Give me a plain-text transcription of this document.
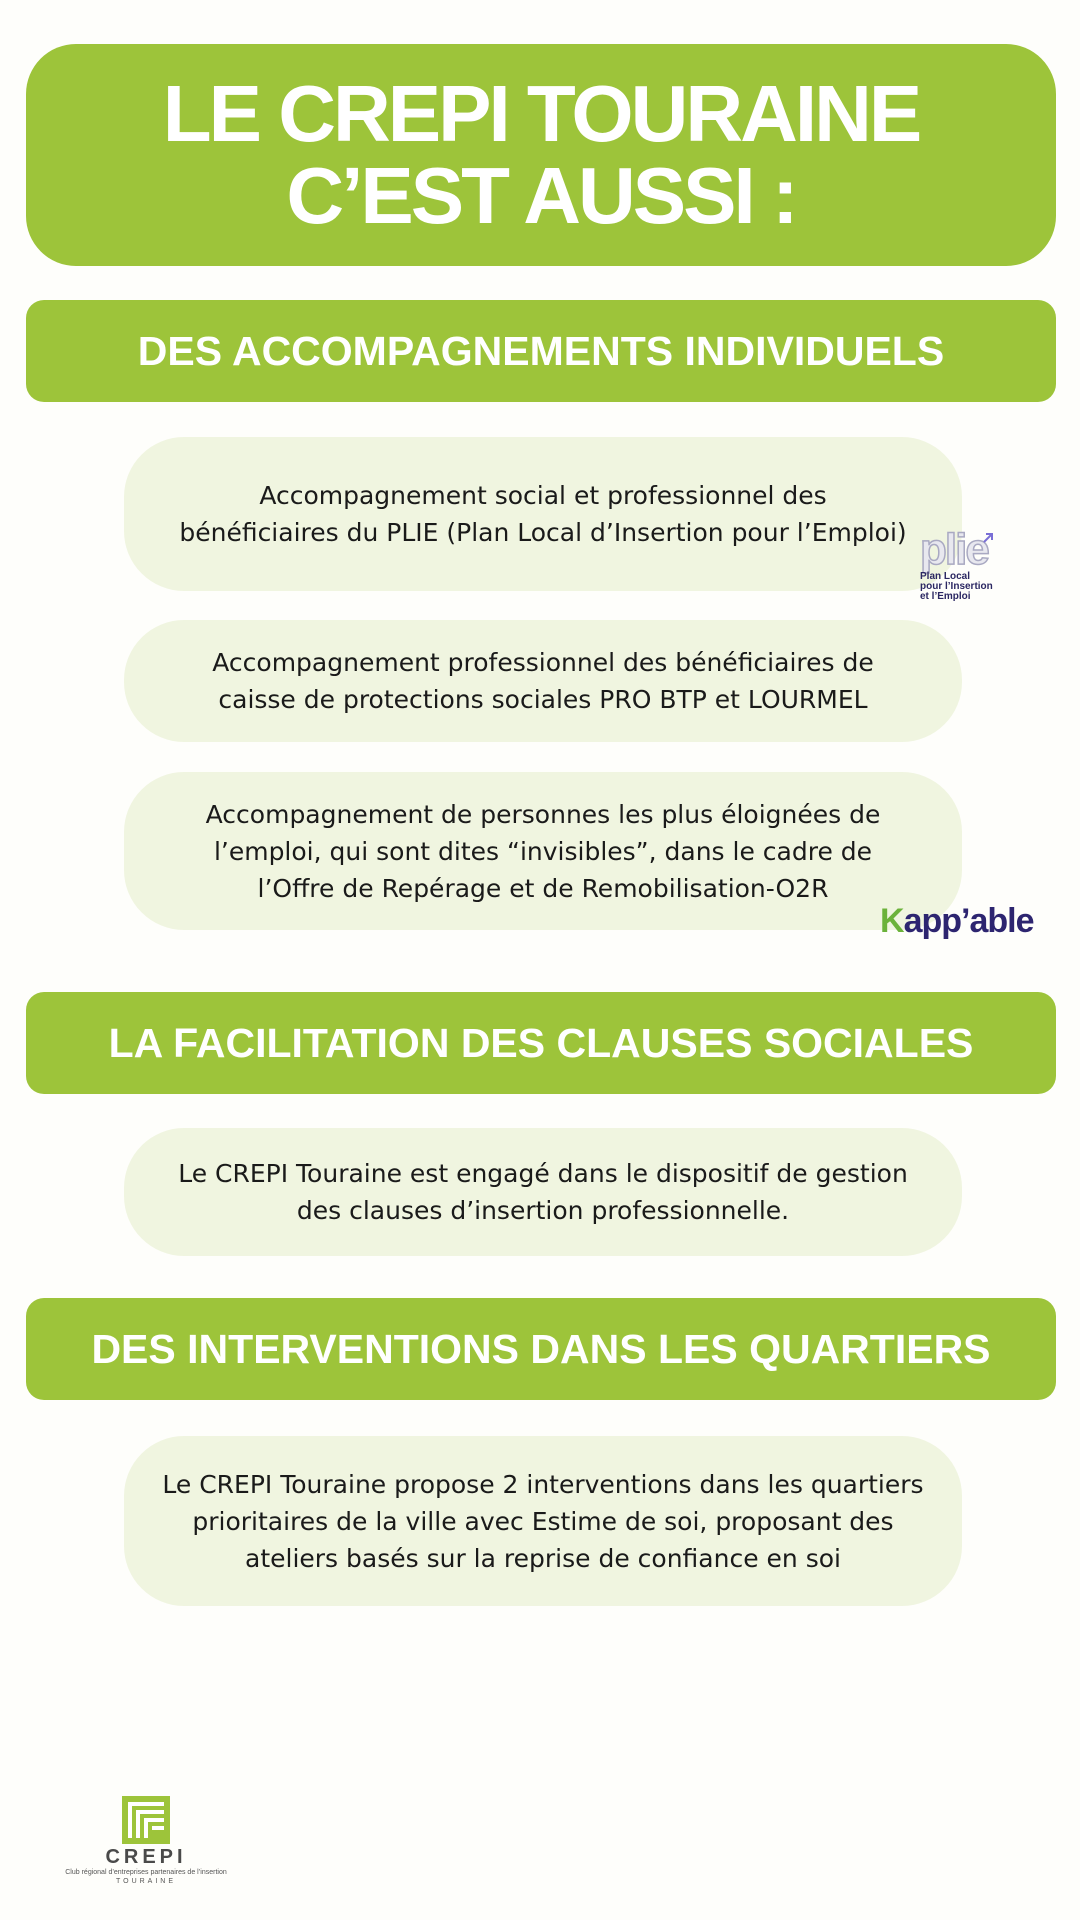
LE CREPI TOURAINE
C’EST AUSSI :
DES ACCOMPAGNEMENTS INDIVIDUELS
Accompagnement social et professionnel des
bénéficiaires du PLIE (Plan Local d’Insertion pour l’Emploi) plie
Plan Local
pour l’Insertion
et l’Emploi
Accompagnement professionnel des bénéficiaires de
caisse de protections sociales PRO BTP et LOURMEL
Accompagnement de personnes les plus éloignées de
l’emploi, qui sont dites “invisibles”, dans le cadre de
l’Offre de Repérage et de Remobilisation-O2R
Kapp’able
LA FACILITATION DES CLAUSES SOCIALES
Le CREPI Touraine est engagé dans le dispositif de gestion
des clauses d’insertion professionnelle.
DES INTERVENTIONS DANS LES QUARTIERS
Le CREPI Touraine propose 2 interventions dans les quartiers
prioritaires de la ville avec Estime de soi, proposant des
ateliers basés sur la reprise de confiance en soi
CREPI
Club régional d’entreprises partenaires de l’insertion
TOURAINE
